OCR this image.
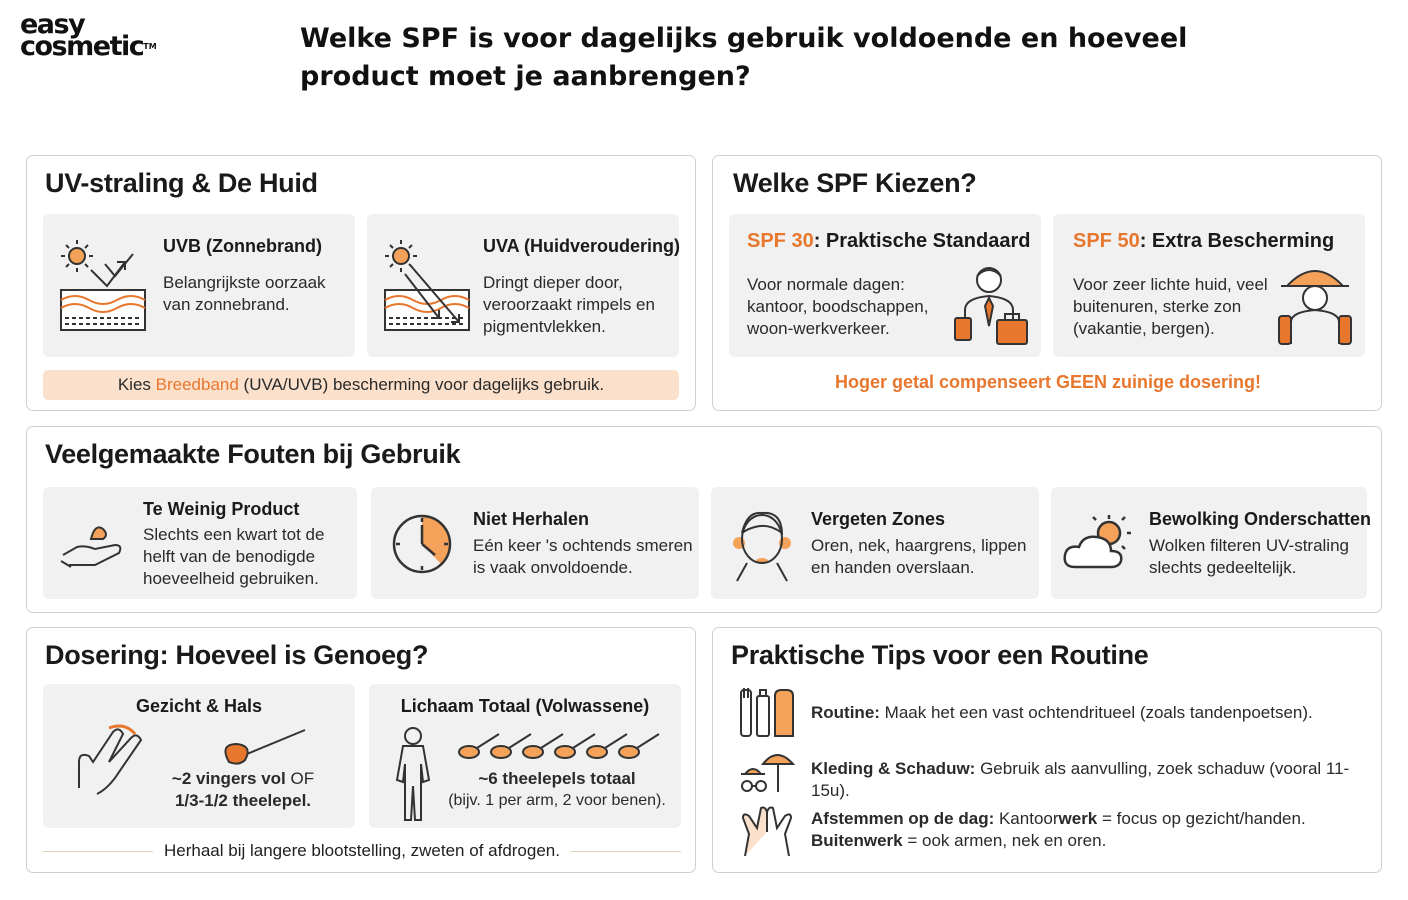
easy
cosmetic™	Welke SPF is voor dagelijks gebruik voldoende en hoeveel product moet je aanbrengen?
UV-straling & De Huid
UVB (Zonnebrand)
Belangrijkste oorzaak van zonnebrand.
UVA (Huidveroudering)
Dringt dieper door, veroorzaakt rimpels en pigmentvlekken.
Kies Breedband (UVA/UVB) bescherming voor dagelijks gebruik.
Welke SPF Kiezen?
SPF 30: Praktische Standaard
Voor normale dagen: kantoor, boodschappen, woon-werkverkeer.
SPF 50: Extra Bescherming
Voor zeer lichte huid, veel buitenuren, sterke zon (vakantie, bergen).
Hoger getal compenseert GEEN zuinige dosering!
Veelgemaakte Fouten bij Gebruik
Te Weinig Product
Slechts een kwart tot de helft van de benodigde hoeveelheid gebruiken.
Niet Herhalen
Eén keer 's ochtends smeren is vaak onvoldoende.
Vergeten Zones
Oren, nek, haargrens, lippen en handen overslaan.
Bewolking Onderschatten
Wolken filteren UV-straling slechts gedeeltelijk.
Dosering: Hoeveel is Genoeg?
Gezicht & Hals
~2 vingers vol OF
1/3-1/2 theelepel.
Lichaam Totaal (Volwassene)
~6 theelepels totaal
(bijv. 1 per arm, 2 voor benen).
Herhaal bij langere blootstelling, zweten of afdrogen.
Praktische Tips voor een Routine
Routine: Maak het een vast ochtendritueel (zoals tandenpoetsen).
Kleding & Schaduw: Gebruik als aanvulling, zoek schaduw (vooral 11-15u).
Afstemmen op de dag: Kantoorwerk = focus op gezicht/handen.
Buitenwerk = ook armen, nek en oren.
